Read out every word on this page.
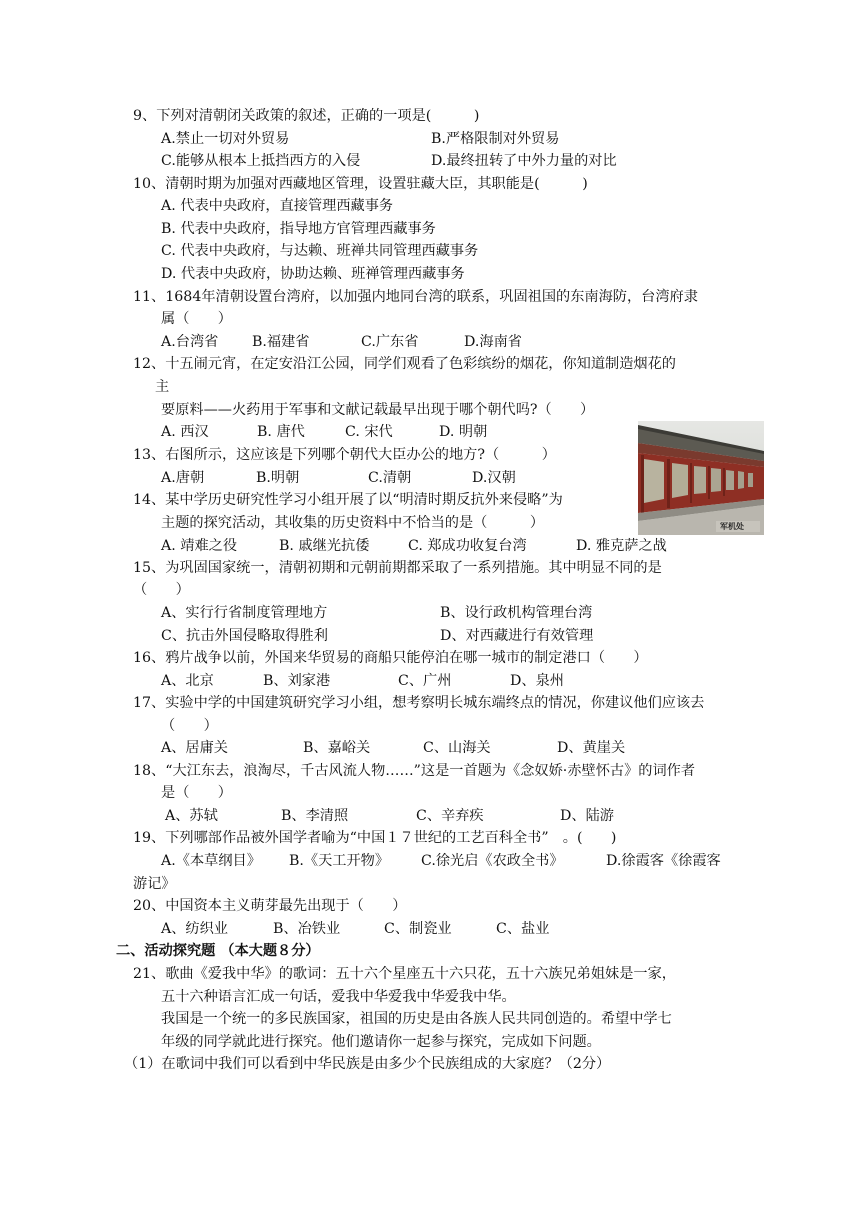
9、下列对清朝闭关政策的叙述，正确的一项是(　　　)
A.禁止一切对外贸易	B.严格限制对外贸易
C.能够从根本上抵挡西方的入侵	D.最终扭转了中外力量的对比
10、清朝时期为加强对西藏地区管理，设置驻藏大臣，其职能是(　　　)
A. 代表中央政府，直接管理西藏事务
B. 代表中央政府，指导地方官管理西藏事务
C. 代表中央政府，与达赖、班禅共同管理西藏事务
D. 代表中央政府，协助达赖、班禅管理西藏事务
11、1684年清朝设置台湾府，以加强内地同台湾的联系，巩固祖国的东南海防，台湾府隶
属（　　）
A.台湾省 B.福建省	C.广东省	D.海南省
12、十五闹元宵，在定安沿江公园，同学们观看了色彩缤纷的烟花，你知道制造烟花的
主
要原料——火药用于军事和文献记载最早出现于哪个朝代吗?（　　）
A. 西汉	B. 唐代	C. 宋代	D. 明朝
军机处
13、右图所示，这应该是下列哪个朝代大臣办公的地方?（　　　）
A.唐朝	B.明朝	C.清朝	D.汉朝
14、某中学历史研究性学习小组开展了以“明清时期反抗外来侵略”为
主题的探究活动，其收集的历史资料中不恰当的是（　　　）
A. 靖难之役	B. 戚继光抗倭	C. 郑成功收复台湾	D. 雅克萨之战
15、为巩固国家统一，清朝初期和元朝前期都采取了一系列措施。其中明显不同的是
（　　）
A、实行行省制度管理地方	B、设行政机构管理台湾
C、抗击外国侵略取得胜利	D、对西藏进行有效管理
16、鸦片战争以前，外国来华贸易的商船只能停泊在哪一城市的制定港口（　　）
A、北京	B、刘家港	C、广州	D、泉州
17、实验中学的中国建筑研究学习小组，想考察明长城东端终点的情况，你建议他们应该去
（　　）
A、居庸关	B、嘉峪关	C、山海关	D、黄崖关
18、“大江东去，浪淘尽，千古风流人物……”这是一首题为《念奴娇·赤壁怀古》的词作者
是（　　）
A、苏轼	B、李清照	C、辛弃疾	D、陆游
19、下列哪部作品被外国学者喻为“中国１７世纪的工艺百科全书”　。(　　)
A.《本草纲目》 B.《天工开物》 C.徐光启《农政全书》	D.徐霞客《徐霞客
游记》
20、中国资本主义萌芽最先出现于（　　）
A、纺织业	B、冶铁业	C、制瓷业	C、盐业
二、活动探究题 （本大题８分）
21、歌曲《爱我中华》的歌词：五十六个星座五十六只花，五十六族兄弟姐妹是一家，
五十六种语言汇成一句话，爱我中华爱我中华爱我中华。
我国是一个统一的多民族国家，祖国的历史是由各族人民共同创造的。希望中学七
年级的同学就此进行探究。他们邀请你一起参与探究，完成如下问题。
（1）在歌词中我们可以看到中华民族是由多少个民族组成的大家庭？（2分）
